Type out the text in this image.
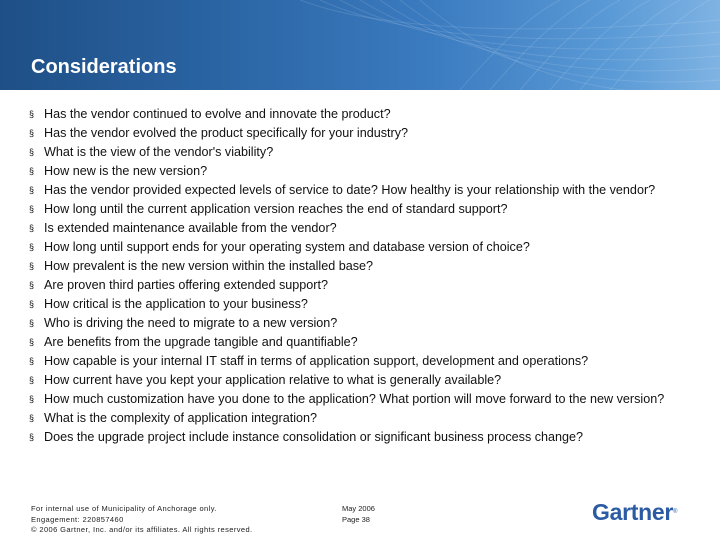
Considerations
§ Has the vendor continued to evolve and innovate the product?
§ Has the vendor evolved the product specifically for your industry?
§ What is the view of the vendor's viability?
§ How new is the new version?
§ Has the vendor provided expected levels of service to date? How healthy is your relationship with the vendor?
§ How long until the current application version reaches the end of standard support?
§ Is extended maintenance available from the vendor?
§ How long until support ends for your operating system and database version of choice?
§ How prevalent is the new version within the installed base?
§ Are proven third parties offering extended support?
§ How critical is the application to your business?
§ Who is driving the need to migrate to a new version?
§ Are benefits from the upgrade tangible and quantifiable?
§ How capable is your internal IT staff in terms of application support, development and operations?
§ How current have you kept your application relative to what is generally available?
§ How much customization have you done to the application? What portion will move forward to the new version?
§ What is the complexity of application integration?
§ Does the upgrade project include instance consolidation or significant business process change?
For internal use of Municipality of Anchorage only.
Engagement: 220857460
© 2006 Gartner, Inc. and/or its affiliates. All rights reserved.
May 2006
Page 38	Gartner®
